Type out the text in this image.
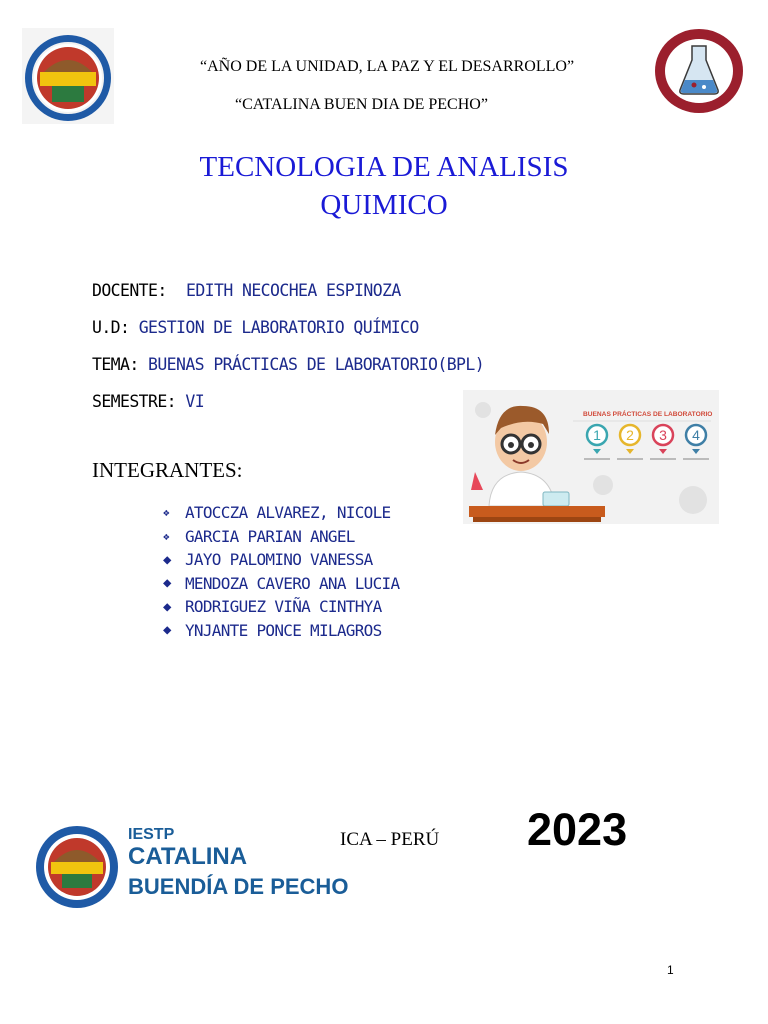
“AÑO DE LA UNIDAD, LA PAZ Y EL DESARROLLO”
“CATALINA BUEN DIA DE PECHO”
TECNOLOGIA DE ANALISIS
QUIMICO
DOCENTE: EDITH NECOCHEA ESPINOZA
U.D: GESTION DE LABORATORIO QUÍMICO
TEMA: BUENAS PRÁCTICAS DE LABORATORIO(BPL)
SEMESTRE: VI
INTEGRANTES:
❖	ATOCCZA ALVAREZ, NICOLE
❖	GARCIA PARIAN ANGEL
◆ JAYO PALOMINO VANESSA
◆ MENDOZA CAVERO ANA LUCIA
◆ RODRIGUEZ VIÑA CINTHYA
◆ YNJANTE PONCE MILAGROS
BUENAS PRÁCTICAS DE LABORATORIO
1 2 3 4
IESTP
CATALINA
BUENDÍA DE PECHO
ICA – PERÚ 2023
1
